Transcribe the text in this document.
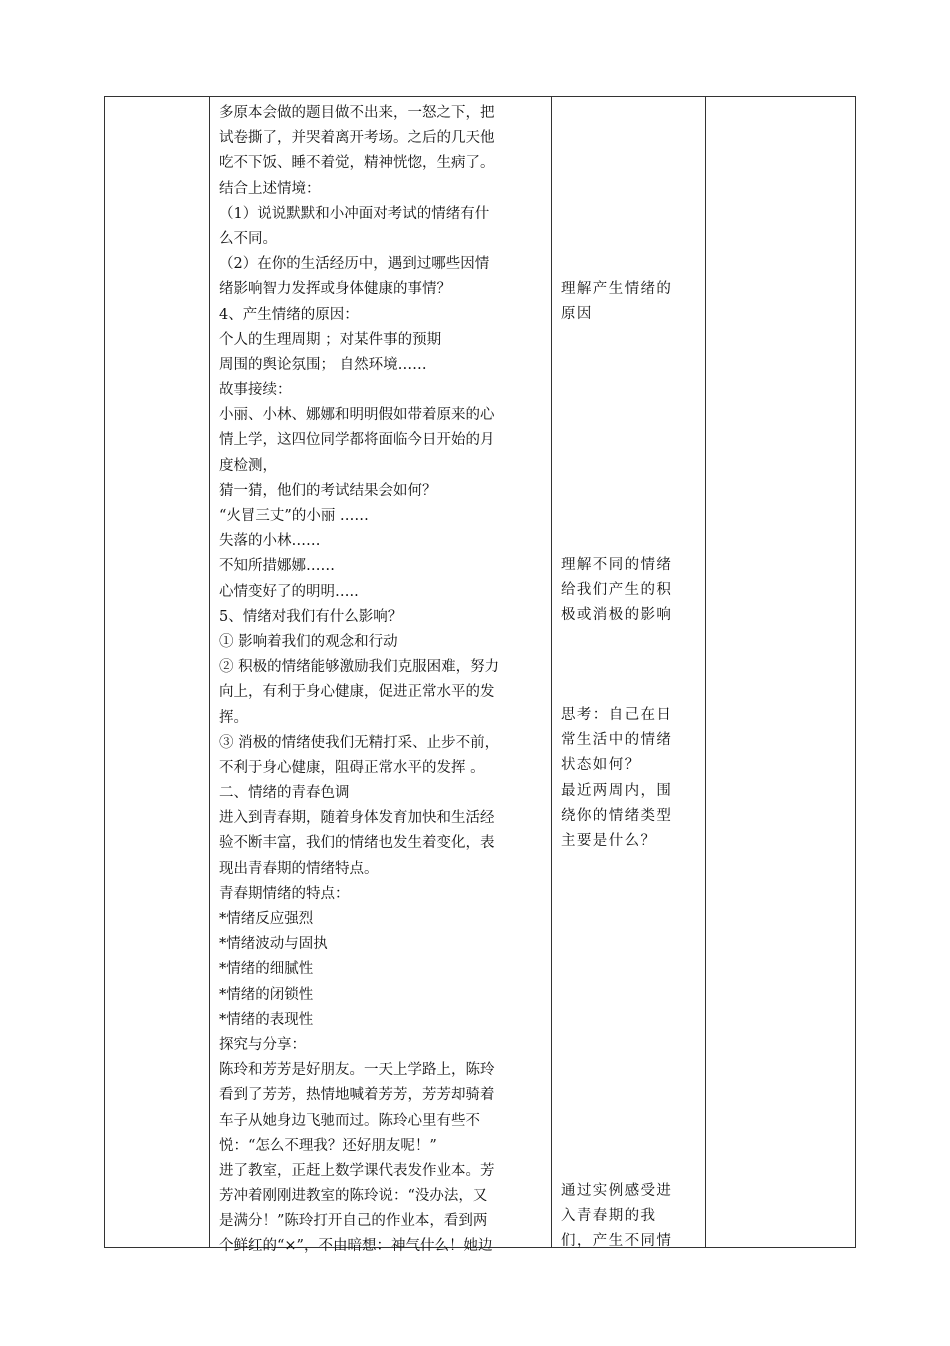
多原本会做的题目做不出来，一怒之下，把
试卷撕了，并哭着离开考场。之后的几天他
吃不下饭、睡不着觉，精神恍惚，生病了。
结合上述情境：
（1）说说默默和小冲面对考试的情绪有什
么不同。
（2）在你的生活经历中，遇到过哪些因情
绪影响智力发挥或身体健康的事情？
4、产生情绪的原因：
个人的生理周期 ；对某件事的预期
周围的舆论氛围； 自然环境……
故事接续：
小丽、小林、娜娜和明明假如带着原来的心
情上学，这四位同学都将面临今日开始的月
度检测，
猜一猜，他们的考试结果会如何？
“火冒三丈”的小丽 ……
失落的小林……
不知所措娜娜……
心情变好了的明明…..
5、情绪对我们有什么影响？
① 影响着我们的观念和行动
② 积极的情绪能够激励我们克服困难，努力
向上，有利于身心健康，促进正常水平的发
挥。
③ 消极的情绪使我们无精打采、止步不前，
不利于身心健康，阻碍正常水平的发挥 。
二、情绪的青春色调
进入到青春期，随着身体发育加快和生活经
验不断丰富，我们的情绪也发生着变化，表
现出青春期的情绪特点。
青春期情绪的特点：
*情绪反应强烈
*情绪波动与固执
*情绪的细腻性
*情绪的闭锁性
*情绪的表现性
探究与分享：
陈玲和芳芳是好朋友。一天上学路上，陈玲
看到了芳芳，热情地喊着芳芳，芳芳却骑着
车子从她身边飞驰而过。陈玲心里有些不
悦：“怎么不理我？还好朋友呢！”
进了教室，正赶上数学课代表发作业本。芳
芳冲着刚刚进教室的陈玲说：“没办法，又
是满分！”陈玲打开自己的作业本，看到两
个鲜红的“×”，不由暗想：神气什么！她边
理解产生情绪的
原因
理解不同的情绪
给我们产生的积
极或消极的影响
思考：自己在日
常生活中的情绪
状态如何？
最近两周内，围
绕你的情绪类型
主要是什么？
通过实例感受进
入青春期的我
们，产生不同情
